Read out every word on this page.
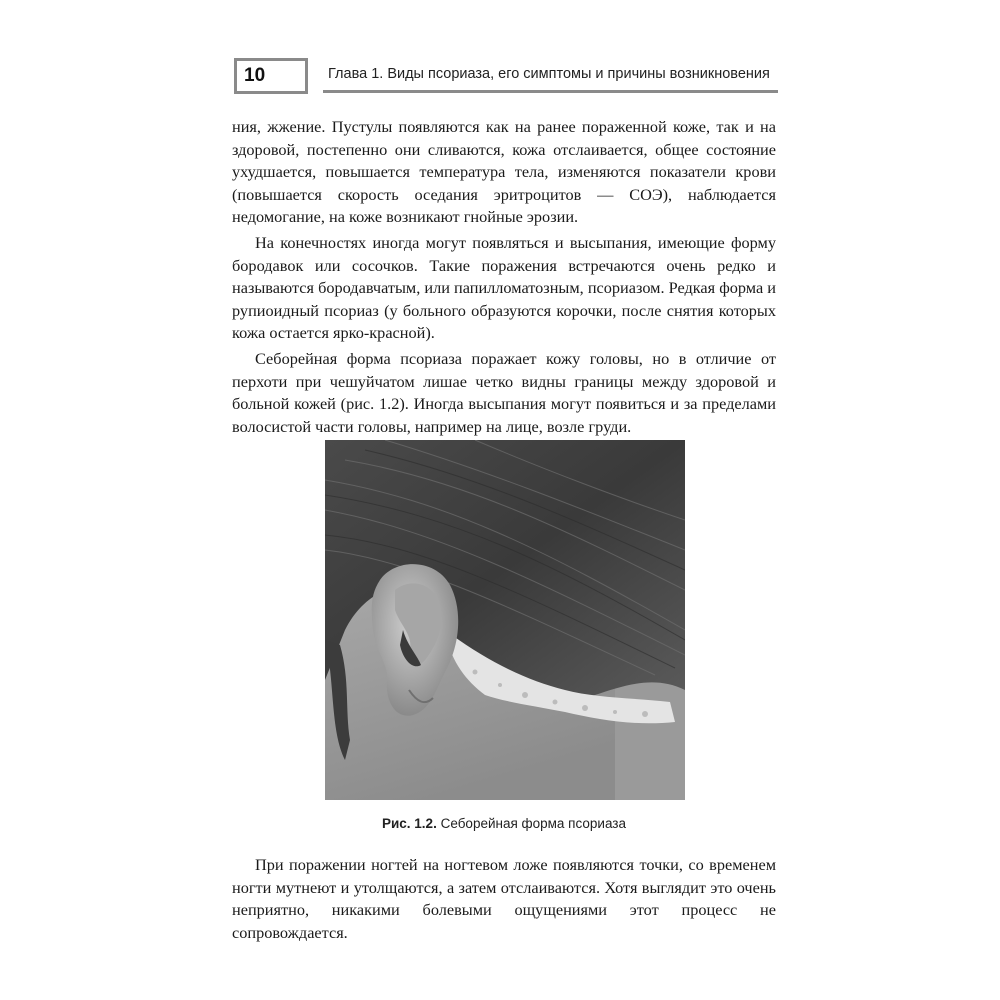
10	Глава 1. Виды псориаза, его симптомы и причины возникновения

ния, жжение. Пустулы появляются как на ранее пораженной коже, так и на здоровой, постепенно они сливаются, кожа отслаивается, общее состояние ухудшается, повышается температура тела, изменяются показатели крови (повышается скорость оседания эритроцитов — СОЭ), наблюдается недомогание, на коже возникают гнойные эрозии.

На конечностях иногда могут появляться и высыпания, имеющие форму бородавок или сосочков. Такие поражения встречаются очень редко и называются бородавчатым, или папилломатозным, псориазом. Редкая форма и рупиоидный псориаз (у больного образуются корочки, после снятия которых кожа остается ярко-красной).

Себорейная форма псориаза поражает кожу головы, но в отличие от перхоти при чешуйчатом лишае четко видны границы между здоровой и больной кожей (рис. 1.2). Иногда высыпания могут появиться и за пределами волосистой части головы, например на лице, возле груди.

Рис. 1.2. Себорейная форма псориаза

При поражении ногтей на ногтевом ложе появляются точки, со временем ногти мутнеют и утолщаются, а затем отслаиваются. Хотя выглядит это очень неприятно, никакими болевыми ощущениями этот процесс не сопровождается.
